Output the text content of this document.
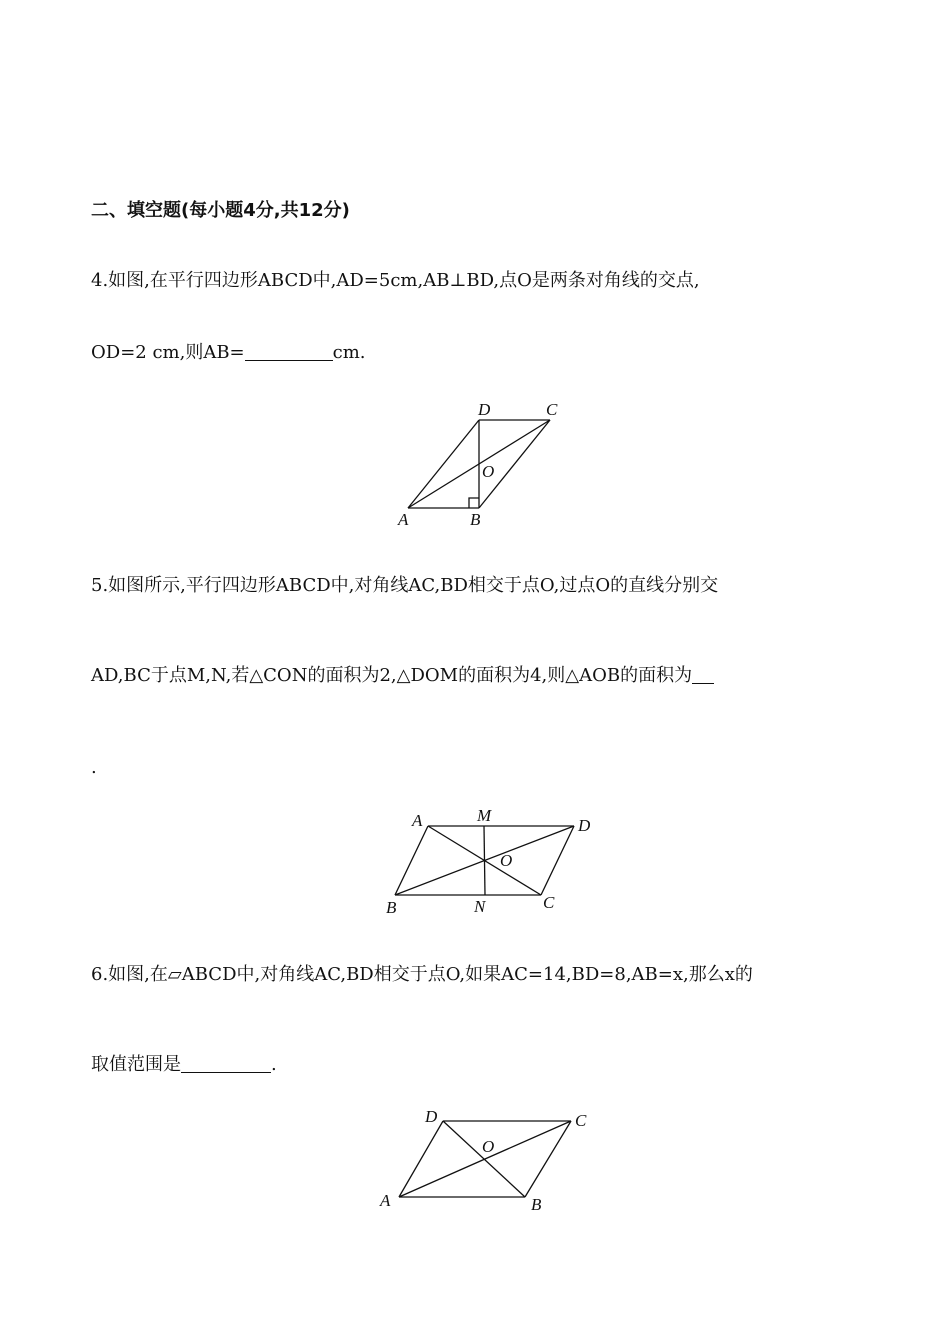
二、填空题(每小题4分,共12分)
4.如图,在平行四边形ABCD中,AD=5cm,AB⊥BD,点O是两条对角线的交点,
OD=2 cm,则AB=	cm.
D	C
O
A	B
5.如图所示,平行四边形ABCD中,对角线AC,BD相交于点O,过点O的直线分别交
AD,BC于点M,N,若△CON的面积为2,△DOM的面积为4,则△AOB的面积为
.
A	M
D
O
B	N	C
6.如图,在▱ABCD中,对角线AC,BD相交于点O,如果AC=14,BD=8,AB=x,那么x的
取值范围是	.
D	C
O
A	B
